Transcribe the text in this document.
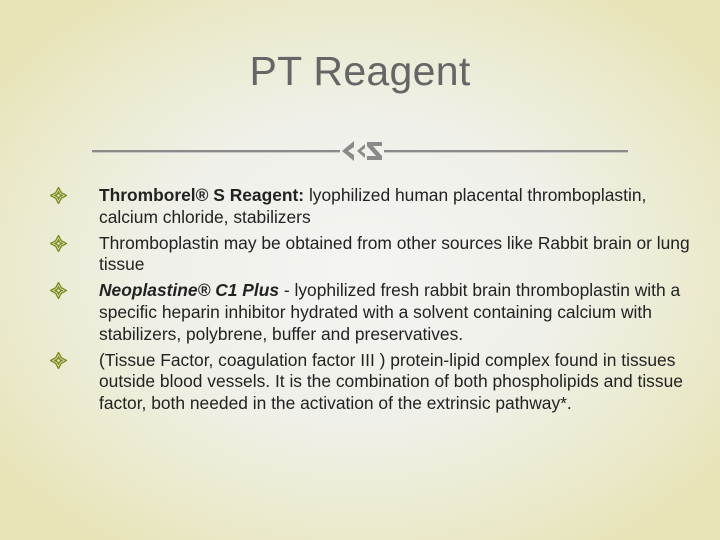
PT Reagent
Thromborel® S Reagent: lyophilized human placental thromboplastin, calcium chloride, stabilizers
Thromboplastin may be obtained from other sources like Rabbit brain or lung tissue
Neoplastine® C1 Plus - lyophilized fresh rabbit brain thromboplastin with a specific heparin inhibitor hydrated with a solvent containing calcium with stabilizers, polybrene, buffer and preservatives.
(Tissue Factor, coagulation factor III ) protein-lipid complex found in tissues outside blood vessels. It is the combination of both phospholipids and tissue factor, both needed in the activation of the extrinsic pathway*.
